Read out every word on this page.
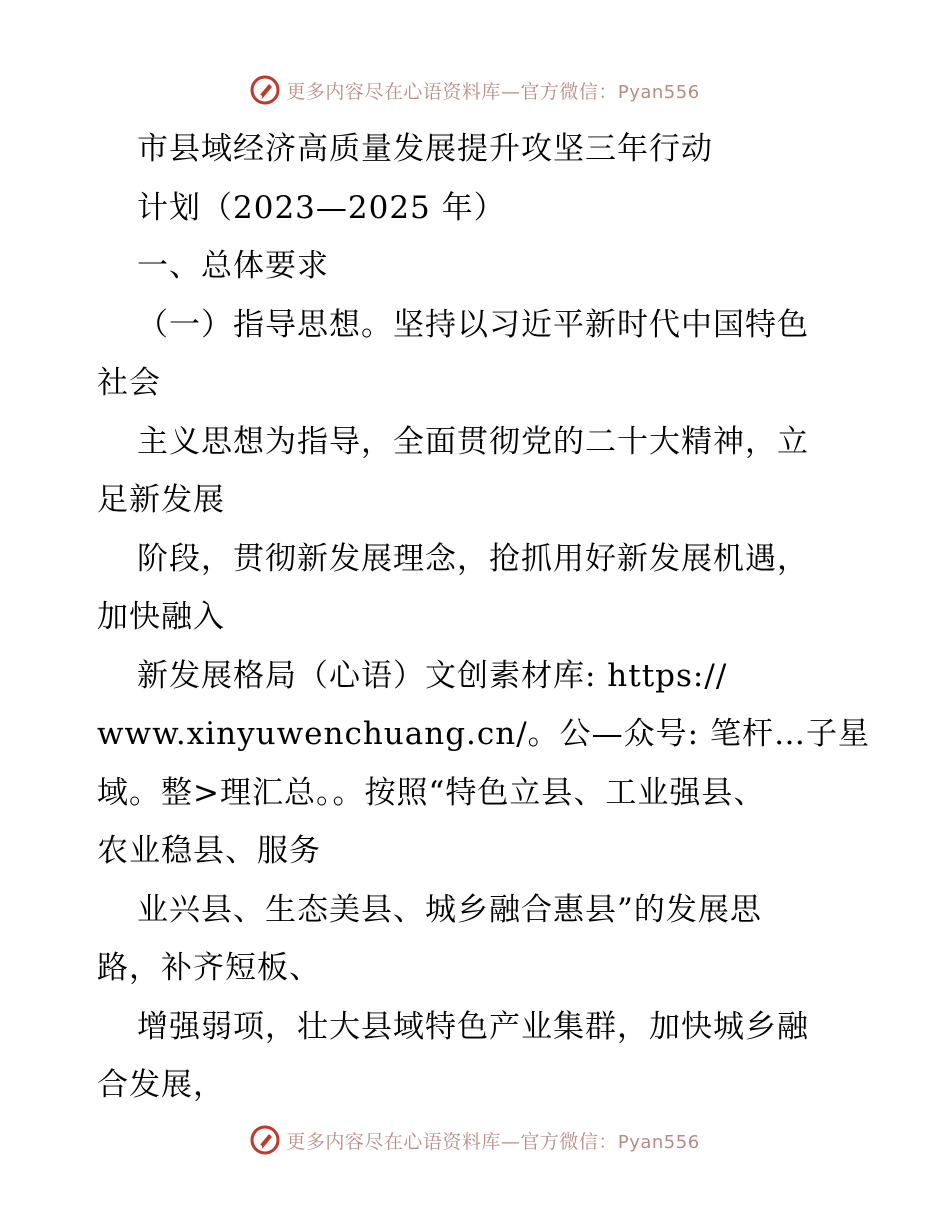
更多内容尽在心语资料库—官方微信：Pyan556
市县域经济高质量发展提升攻坚三年行动
计划（2023—2025 年）
一、总体要求
（一）指导思想。坚持以习近平新时代中国特色
社会
主义思想为指导，全面贯彻党的二十大精神，立
足新发展
阶段，贯彻新发展理念，抢抓用好新发展机遇，
加快融入
新发展格局（心语）文创素材库: https://
www.xinyuwenchuang.cn/。公—众号: 笔杆…子星
域。整>理汇总。。按照“特色立县、工业强县、
农业稳县、服务
业兴县、生态美县、城乡融合惠县”的发展思
路，补齐短板、
增强弱项，壮大县域特色产业集群，加快城乡融
合发展，
更多内容尽在心语资料库—官方微信：Pyan556
